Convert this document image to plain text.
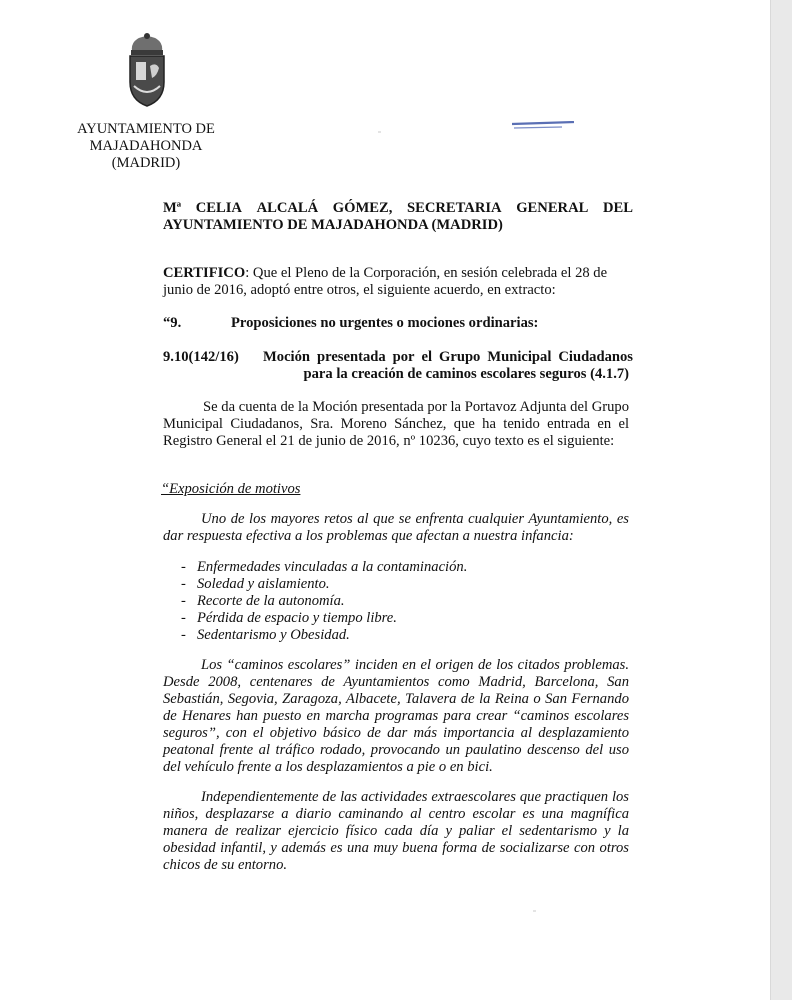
AYUNTAMIENTO DE
MAJADAHONDA
(MADRID)
Mª CELIA ALCALÁ GÓMEZ, SECRETARIA GENERAL DEL
AYUNTAMIENTO DE MAJADAHONDA (MADRID)
CERTIFICO: Que el Pleno de la Corporación, en sesión celebrada el 28 de junio de 2016, adoptó entre otros, el siguiente acuerdo, en extracto:
“9.	Proposiciones no urgentes o mociones ordinarias:
9.10(142/16) Moción presentada por el Grupo Municipal Ciudadanos
para la creación de caminos escolares seguros (4.1.7)
Se da cuenta de la Moción presentada por la Portavoz Adjunta del Grupo Municipal Ciudadanos, Sra. Moreno Sánchez, que ha tenido entrada en el Registro General el 21 de junio de 2016, nº 10236, cuyo texto es el siguiente:
“Exposición de motivos
Uno de los mayores retos al que se enfrenta cualquier Ayuntamiento, es dar respuesta efectiva a los problemas que afectan a nuestra infancia:
- Enfermedades vinculadas a la contaminación.
- Soledad y aislamiento.
- Recorte de la autonomía.
- Pérdida de espacio y tiempo libre.
- Sedentarismo y Obesidad.
Los “caminos escolares” inciden en el origen de los citados problemas. Desde 2008, centenares de Ayuntamientos como Madrid, Barcelona, San Sebastián, Segovia, Zaragoza, Albacete, Talavera de la Reina o San Fernando de Henares han puesto en marcha programas para crear “caminos escolares seguros”, con el objetivo básico de dar más importancia al desplazamiento peatonal frente al tráfico rodado, provocando un paulatino descenso del uso del vehículo frente a los desplazamientos a pie o en bici.
Independientemente de las actividades extraescolares que practiquen los niños, desplazarse a diario caminando al centro escolar es una magnífica manera de realizar ejercicio físico cada día y paliar el sedentarismo y la obesidad infantil, y además es una muy buena forma de socializarse con otros chicos de su entorno.
